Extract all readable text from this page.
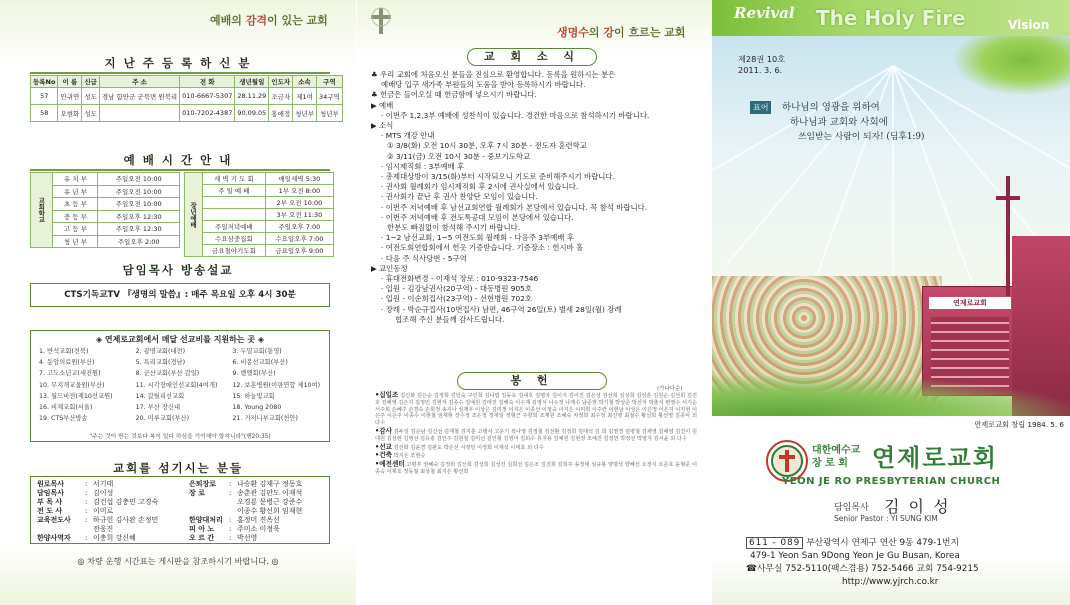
예배의 감격이 있는 교회
지 난 주 등 록 하 신 분
등록No	이 름	신급	주 소	전 화	생년월일	인도자	소속	구역
57	안귀연	성도	경남 함안군 군북면 원북리	010-6667-5307	28.11.29	조금자	제1여	34구역
58	오현화	성도		010-7202-4387	90.09.05	홍애정	청년부	청년부
예 배 시 간 안 내
교회학교	유 치 부	주일오전 10:00
	유 년 부	주일오전 10:00
	초 등 부	주일오전 10:00
	중 등 부	주일오후 12:30
	고 등 부	주일오후 12:30
	청 년 부	주일오후 2:00
장년예배	새 벽 기 도 회	매일새벽 5:30
	주 일 예 배	1부 오전 8:00
		2부 오전 10:00
		3부 오전 11:30
	주일저녁예배	주일오후 7:00
	수요삼중집회	수요일오후 7:00
	금요철야기도회	금요일오후 9:00
담임목사 방송설교
CTS기독교TV 『생명의 말씀』: 매주 목요일 오후 4시 30분
◈ 연제로교회에서 매달 선교비를 지원하는 곳 ◈
1. 반석교회(전북)	2. 광명교회(대전)	3. 두밀교회(통영)
4. 동암의료원(부산)	5. 특리교회(경남)	6. 비봉선교회(부산)
7. 고도소년교(세진원)	8. 군산교회(부산 감일)	9. 벧엘회(부산)
10. 무지개교울원(부산)	11. 시각장애인선교회(4여개)	12. 보훈병원(이판연합 제10여)
13. 월드비전(제10선교원)	14. 갈릴리선교회	15. 하늘빛교회
16. 비제교회(서울)	17. 부산 장신대	18. Young 2080
19. CTS부산방송	20. 미루교회(부산)	21. 거저니부교회(천안)
"주는 것이 받는 것보다 복이 있다 하심을 기억해야 할지니라"(행20:35)
교회를 섬기시는 분들
원로목사	: 서기태
담임목사	: 김이성
부 목 사	: 김건섭 김충민 고경숙
전 도 사	: 이미로
교육전도사	: 하규헌 김사완 손정민
전웅진
한양사역자	: 이충희 강신혜
은퇴장로	: 나승환 김재구 정동호
장 로	: 송춘관 김판도 이재석
오경룡 문병근 강준수
이종수 황선희 임재현
한양대처리 : 홍정미 진옥선
피 아 노	: 주미소 이정욱
오 르 간	: 박선영
◎ 차량 운행 시간표는 게시판을 참조하시기 바랍니다. ◎
생명수의 강이 흐르는 교회
교 회 소 식
♣ 우리 교회에 처음오신 분들을 진심으로 환영합니다. 등록을 원하시는 분은
예배당 입구 새가족 부원들의 도움을 받아 등록하시기 바랍니다.
♣ 헌금은 들어오실 때 헌금함에 넣으시기 바랍니다.
▶ 예배
· 이번주 1,2,3부 예배에 성찬식이 있습니다. 경건한 마음으로 참석하시기 바랍니다.
▶ 소식
· MTS 개강 안내
① 3/8(화) 오전 10시 30분, 오후 7시 30분 - 전도자 훈련학교
② 3/11(금) 오전 10시 30분 - 중보기도학교
· 임시제직회 : 3부예배 후
· 총제대상방이 3/15(화)부터 시작되오니 기도로 준비해주시기 바랍니다.
· 권사회 월례회가 임시제직회 후 2시에 권사실에서 있습니다.
· 권사회가 끝난 후 권사 찬양단 모임이 있습니다.
· 이번주 저녁예배 후 남선교회연합 월례회가 본당에서 있습니다. 꼭 참석 바랍니다.
· 이번주 저녁예배 후 전도특공대 모임이 본당에서 있습니다.
한분도 빠짐없이 참석해 주시기 바랍니다.
· 1~2 남선교회, 1~5 여전도회 월례회 - 다음주 3부예배 후
· 여전도회연합회에서 헌옷 기증받습니다. 기증장소 : 헌시바 홀
· 다음 주 식사당번 - 5구역
▶ 교인동정
· 휴대전화변경 - 이재석 장로 : 010-9323-7546
· 입원 - 김강남권사(20구역) - 대동병원 905호
· 입원 - 이순희집사(23구역) - 선현병원 702호
· 장례 - 박순규집사(10번집사) 남편, 46구역 26일(토) 별세 28일(월) 장례
협조해 주신 분들께 감사드립니다.
봉 헌
(가나다순)
•십일조 김신화 김은순 김정희 김인숙 구인희 김나엽 김동욱 김대호 김명자 김이지 김이진 김은성 김선희 김성희 김성훈 김원순 김선희 김진호 김해영 김은지 김정민 김현자 김종수 김예원 김태진 김해숙 이수재 김영식 나수정 나재수 남준권 박기철 박상준 박선자 박춘식 변영수 서기순 서주희 손혜주 손경숙 손희정 송지나 심재우 이상은 김미정 이지은 이종선 이정숙 이지은 이미희 이주란 이현남 이성은 이은정 이은지 이지현 이은주 이은주 이종수 이현철 임재현 장수정 조은정 정세일 정형근 주향희 조재원 조해숙 차정희 최수정 최진영 최철수 황선희 황선영 김종덕 외 다수
•감사 김두일 김순남 김신선 김재철 김지훈 고병서 고운기 곽나영 김정철 김선환 김정희 김태석 김 희 김영경 김병철 김재영 김해영 김진이 김대원 김성현 김영선 김유흥 김인주 김현철 김미선 김인형 김영미 김외수 류지용 김예원 김현정 조예진 김정민 박정선 박영지 김서윤 외 다수
•선교 김선화 김윤경 김판도 박은선 서정민 이정희 이재석 이태호 외 다수
•건축 박지은 조현승
•예전센터 고평후 권혜숙 김정희 김선희 김성희 김성진 김희선 김은조 김진희 김희주 송정태 심규봉 양명석 양혜선 오정식 오준호 윤형준 이종숙 이재호 정동철 최상철 최지은 황선희
Revival The Holy Fire	Vision
연제로교회
제28권 10호
2011. 3. 6.
표어	하나님의 영광을 위하여
하나님과 교회와 사회에
쓰임받는 사람이 되자! (딤후1:9)
연제로교회 창립 1984. 5. 6
대한예수교
장 로 회	연제로교회
YEON JE RO PRESBYTERIAN CHURCH
담임목사 김 이 성
Senior Pastor : YI SUNG KIM
611 - 089 부산광역시 연제구 연산 9동 479-1번지
479-1 Yeon San 9Dong Yeon Je Gu Busan, Korea
☎사무실 752-5110(팩스겸용) 752-5466 교회 754-9215
http://www.yjrch.co.kr
